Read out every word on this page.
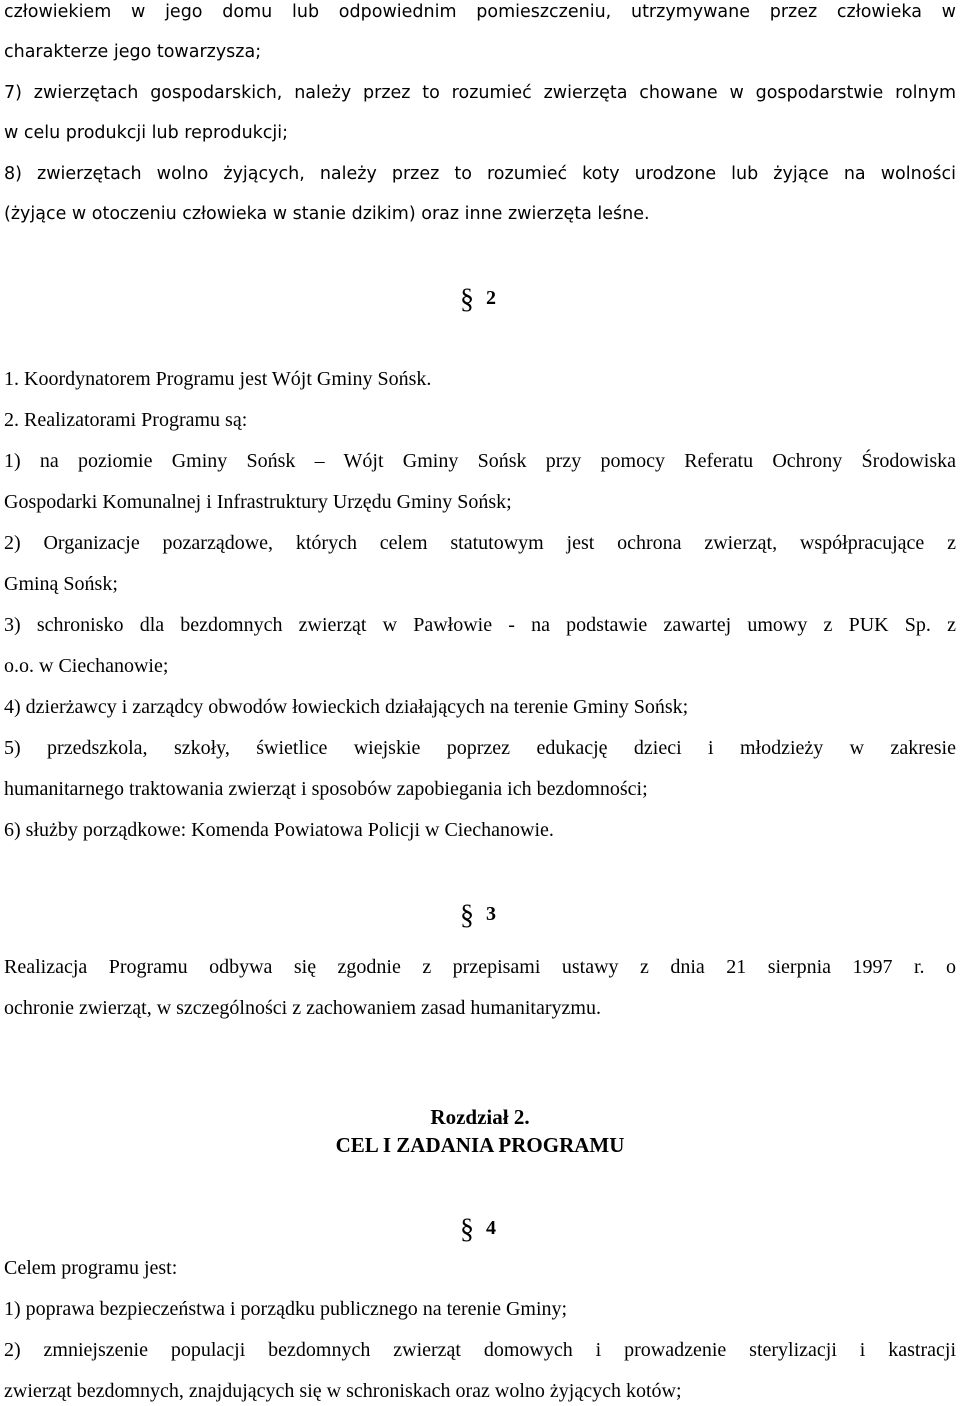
człowiekiem w jego domu lub odpowiednim pomieszczeniu, utrzymywane przez człowieka w
charakterze jego towarzysza;
7) zwierzętach gospodarskich, należy przez to rozumieć zwierzęta chowane w gospodarstwie rolnym
w celu produkcji lub reprodukcji;
8) zwierzętach wolno żyjących, należy przez to rozumieć koty urodzone lub żyjące na wolności
(żyjące w otoczeniu człowieka w stanie dzikim) oraz inne zwierzęta leśne.
§ 2
1. Koordynatorem Programu jest Wójt Gminy Sońsk.
2. Realizatorami Programu są:
1) na poziomie Gminy Sońsk – Wójt Gminy Sońsk przy pomocy Referatu Ochrony Środowiska
Gospodarki Komunalnej i Infrastruktury Urzędu Gminy Sońsk;
2) Organizacje pozarządowe, których celem statutowym jest ochrona zwierząt, współpracujące z
Gminą Sońsk;
3) schronisko dla bezdomnych zwierząt w Pawłowie - na podstawie zawartej umowy z PUK Sp. z
o.o. w Ciechanowie;
4) dzierżawcy i zarządcy obwodów łowieckich działających na terenie Gminy Sońsk;
5) przedszkola, szkoły, świetlice wiejskie poprzez edukację dzieci i młodzieży w zakresie
humanitarnego traktowania zwierząt i sposobów zapobiegania ich bezdomności;
6) służby porządkowe: Komenda Powiatowa Policji w Ciechanowie.
§ 3
Realizacja Programu odbywa się zgodnie z przepisami ustawy z dnia 21 sierpnia 1997 r. o
ochronie zwierząt, w szczególności z zachowaniem zasad humanitaryzmu.
Rozdział 2.
CEL I ZADANIA PROGRAMU
§ 4
Celem programu jest:
1) poprawa bezpieczeństwa i porządku publicznego na terenie Gminy;
2) zmniejszenie populacji bezdomnych zwierząt domowych i prowadzenie sterylizacji i kastracji
zwierząt bezdomnych, znajdujących się w schroniskach oraz wolno żyjących kotów;
